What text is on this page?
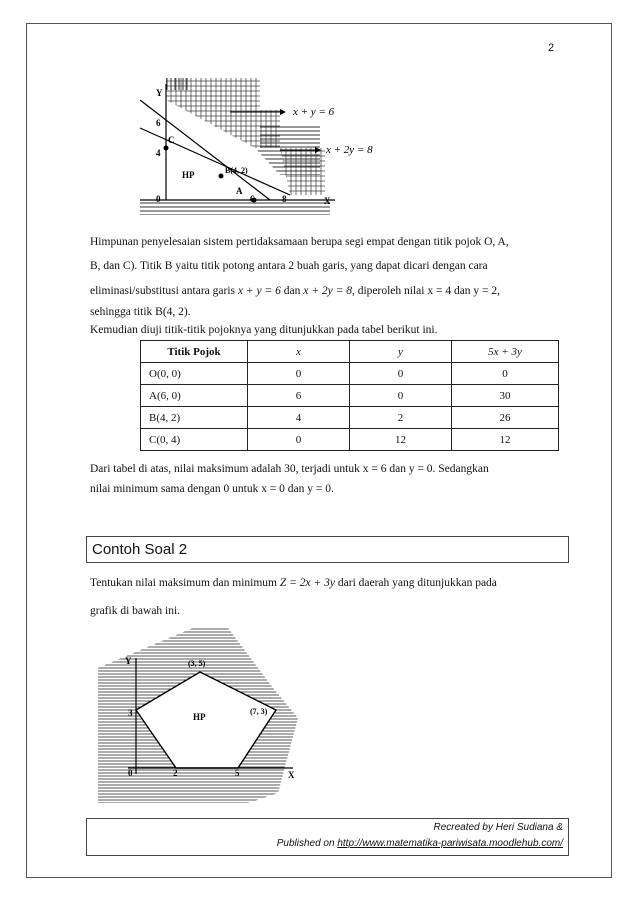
2
Y
X
6
4
0	6	8
C
B(4, 2)
A
HP
x + y = 6
x + 2y = 8
Himpunan penyelesaian sistem pertidaksamaan berupa segi empat dengan titik pojok O, A,
B, dan C). Titik B yaitu titik potong antara 2 buah garis, yang dapat dicari dengan cara
eliminasi/substitusi antara garis x + y = 6 dan x + 2y = 8, diperoleh nilai x = 4 dan y = 2,
sehingga titik B(4, 2).
Kemudian diuji titik-titik pojoknya yang ditunjukkan pada tabel berikut ini.
Titik Pojok	x	y	5x + 3y
O(0, 0)	0	0	0
A(6, 0)	6	0	30
B(4, 2)	4	2	26
C(0, 4)	0	12	12
Dari tabel di atas, nilai maksimum adalah 30, terjadi untuk x = 6 dan y = 0. Sedangkan
nilai minimum sama dengan 0 untuk x = 0 dan y = 0.
Contoh Soal 2
Tentukan nilai maksimum dan minimum Z = 2x + 3y dari daerah yang ditunjukkan pada
grafik di bawah ini.
Y
X
(3, 5)
(7, 3)
3
0	2	5
HP
Recreated by Heri Sudiana &
Published on http://www.matematika-pariwisata.moodlehub.com/
